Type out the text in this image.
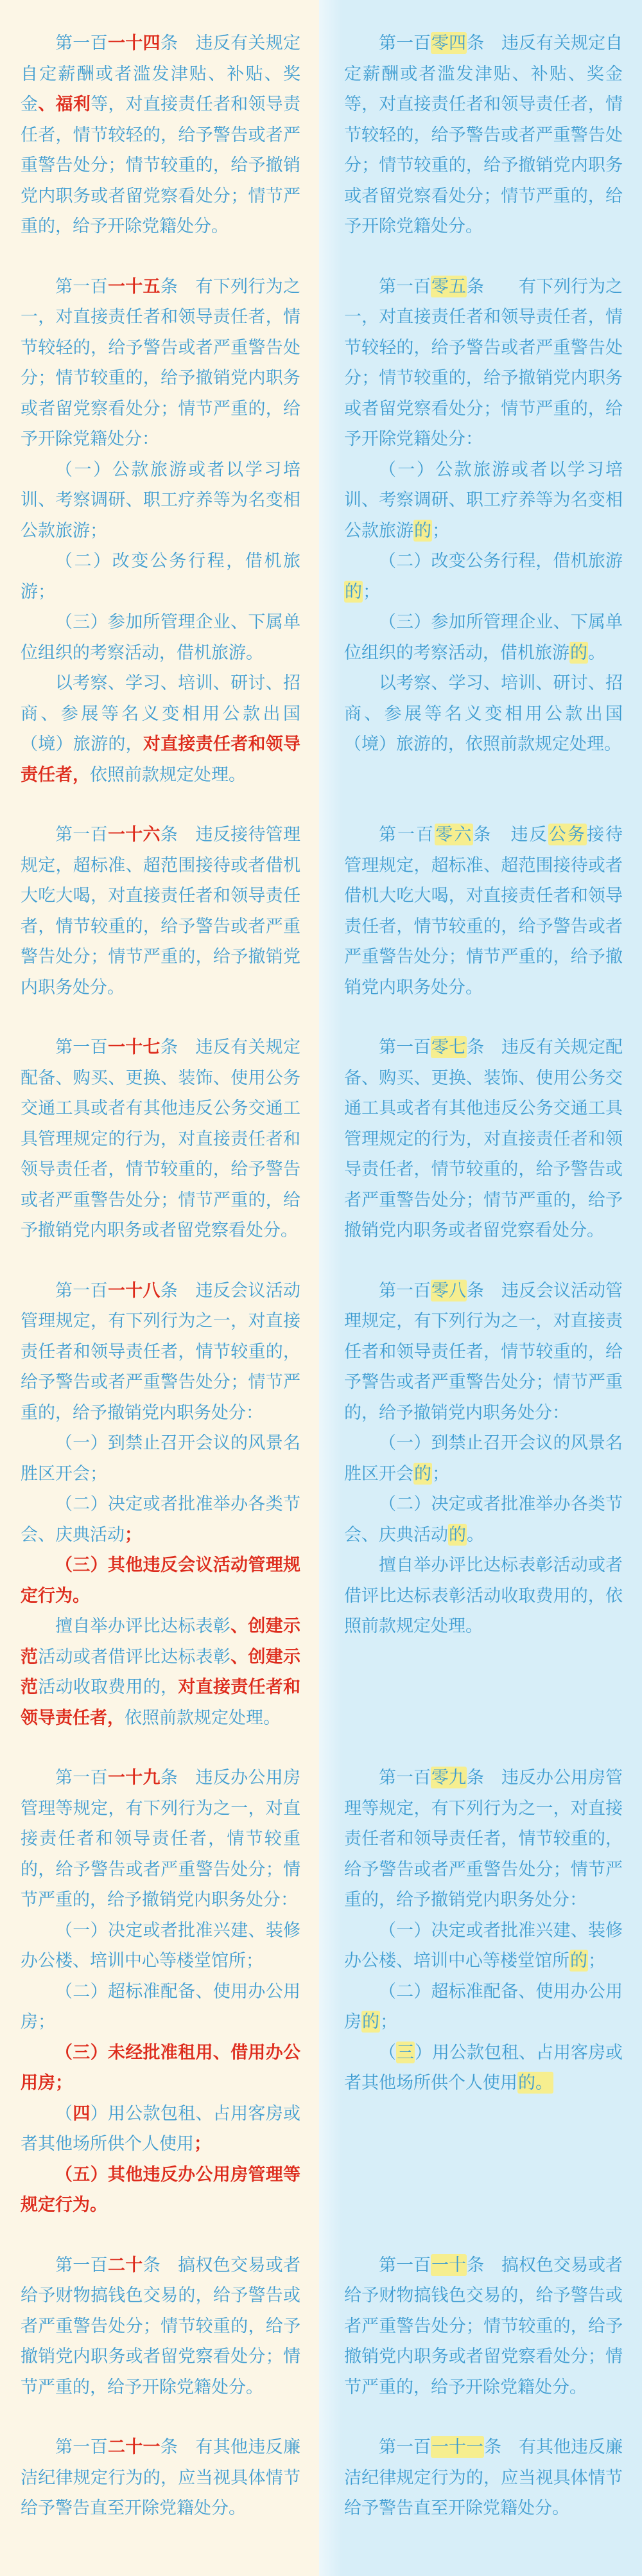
第一百一十四条　违反有关规定自定薪酬或者滥发津贴、补贴、奖金、福利等，对直接责任者和领导责任者，情节较轻的，给予警告或者严重警告处分；情节较重的，给予撤销党内职务或者留党察看处分；情节严重的，给予开除党籍处分。

第一百零四条　违反有关规定自定薪酬或者滥发津贴、补贴、奖金等，对直接责任者和领导责任者，情节较轻的，给予警告或者严重警告处分；情节较重的，给予撤销党内职务或者留党察看处分；情节严重的，给予开除党籍处分。

第一百一十五条　有下列行为之一，对直接责任者和领导责任者，情节较轻的，给予警告或者严重警告处分；情节较重的，给予撤销党内职务或者留党察看处分；情节严重的，给予开除党籍处分：

（一）公款旅游或者以学习培训、考察调研、职工疗养等为名变相公款旅游；

（二）改变公务行程，借机旅游；

（三）参加所管理企业、下属单位组织的考察活动，借机旅游。

以考察、学习、培训、研讨、招商、参展等名义变相用公款出国（境）旅游的，对直接责任者和领导责任者，依照前款规定处理。

第一百零五条　　有下列行为之一，对直接责任者和领导责任者，情节较轻的，给予警告或者严重警告处分；情节较重的，给予撤销党内职务或者留党察看处分；情节严重的，给予开除党籍处分：

（一）公款旅游或者以学习培训、考察调研、职工疗养等为名变相公款旅游的；

（二）改变公务行程，借机旅游的；

（三）参加所管理企业、下属单位组织的考察活动，借机旅游的。

以考察、学习、培训、研讨、招商、参展等名义变相用公款出国（境）旅游的，依照前款规定处理。

第一百一十六条　违反接待管理规定，超标准、超范围接待或者借机大吃大喝，对直接责任者和领导责任者，情节较重的，给予警告或者严重警告处分；情节严重的，给予撤销党内职务处分。

第一百零六条　违反公务接待管理规定，超标准、超范围接待或者借机大吃大喝，对直接责任者和领导责任者，情节较重的，给予警告或者严重警告处分；情节严重的，给予撤销党内职务处分。

第一百一十七条　违反有关规定配备、购买、更换、装饰、使用公务交通工具或者有其他违反公务交通工具管理规定的行为，对直接责任者和领导责任者，情节较重的，给予警告或者严重警告处分；情节严重的，给予撤销党内职务或者留党察看处分。

第一百零七条　违反有关规定配备、购买、更换、装饰、使用公务交通工具或者有其他违反公务交通工具管理规定的行为，对直接责任者和领导责任者，情节较重的，给予警告或者严重警告处分；情节严重的，给予撤销党内职务或者留党察看处分。

第一百一十八条　违反会议活动管理规定，有下列行为之一，对直接责任者和领导责任者，情节较重的，给予警告或者严重警告处分；情节严重的，给予撤销党内职务处分：

（一）到禁止召开会议的风景名胜区开会；

（二）决定或者批准举办各类节会、庆典活动；

（三）其他违反会议活动管理规定行为。

擅自举办评比达标表彰、创建示范活动或者借评比达标表彰、创建示范活动收取费用的，对直接责任者和领导责任者，依照前款规定处理。

第一百零八条　违反会议活动管理规定，有下列行为之一，对直接责任者和领导责任者，情节较重的，给予警告或者严重警告处分；情节严重的，给予撤销党内职务处分：

（一）到禁止召开会议的风景名胜区开会的；

（二）决定或者批准举办各类节会、庆典活动的。

擅自举办评比达标表彰活动或者借评比达标表彰活动收取费用的，依照前款规定处理。

第一百一十九条　违反办公用房管理等规定，有下列行为之一，对直接责任者和领导责任者，情节较重的，给予警告或者严重警告处分；情节严重的，给予撤销党内职务处分：

（一）决定或者批准兴建、装修办公楼、培训中心等楼堂馆所；

（二）超标准配备、使用办公用房；

（三）未经批准租用、借用办公用房；

（四）用公款包租、占用客房或者其他场所供个人使用；

（五）其他违反办公用房管理等规定行为。

第一百零九条　违反办公用房管理等规定，有下列行为之一，对直接责任者和领导责任者，情节较重的，给予警告或者严重警告处分；情节严重的，给予撤销党内职务处分：

（一）决定或者批准兴建、装修办公楼、培训中心等楼堂馆所的；

（二）超标准配备、使用办公用房的；

（三）用公款包租、占用客房或者其他场所供个人使用的。

第一百二十条　搞权色交易或者给予财物搞钱色交易的，给予警告或者严重警告处分；情节较重的，给予撤销党内职务或者留党察看处分；情节严重的，给予开除党籍处分。

第一百一十条　搞权色交易或者给予财物搞钱色交易的，给予警告或者严重警告处分；情节较重的，给予撤销党内职务或者留党察看处分；情节严重的，给予开除党籍处分。

第一百二十一条　有其他违反廉洁纪律规定行为的，应当视具体情节给予警告直至开除党籍处分。

第一百一十一条　有其他违反廉洁纪律规定行为的，应当视具体情节给予警告直至开除党籍处分。
